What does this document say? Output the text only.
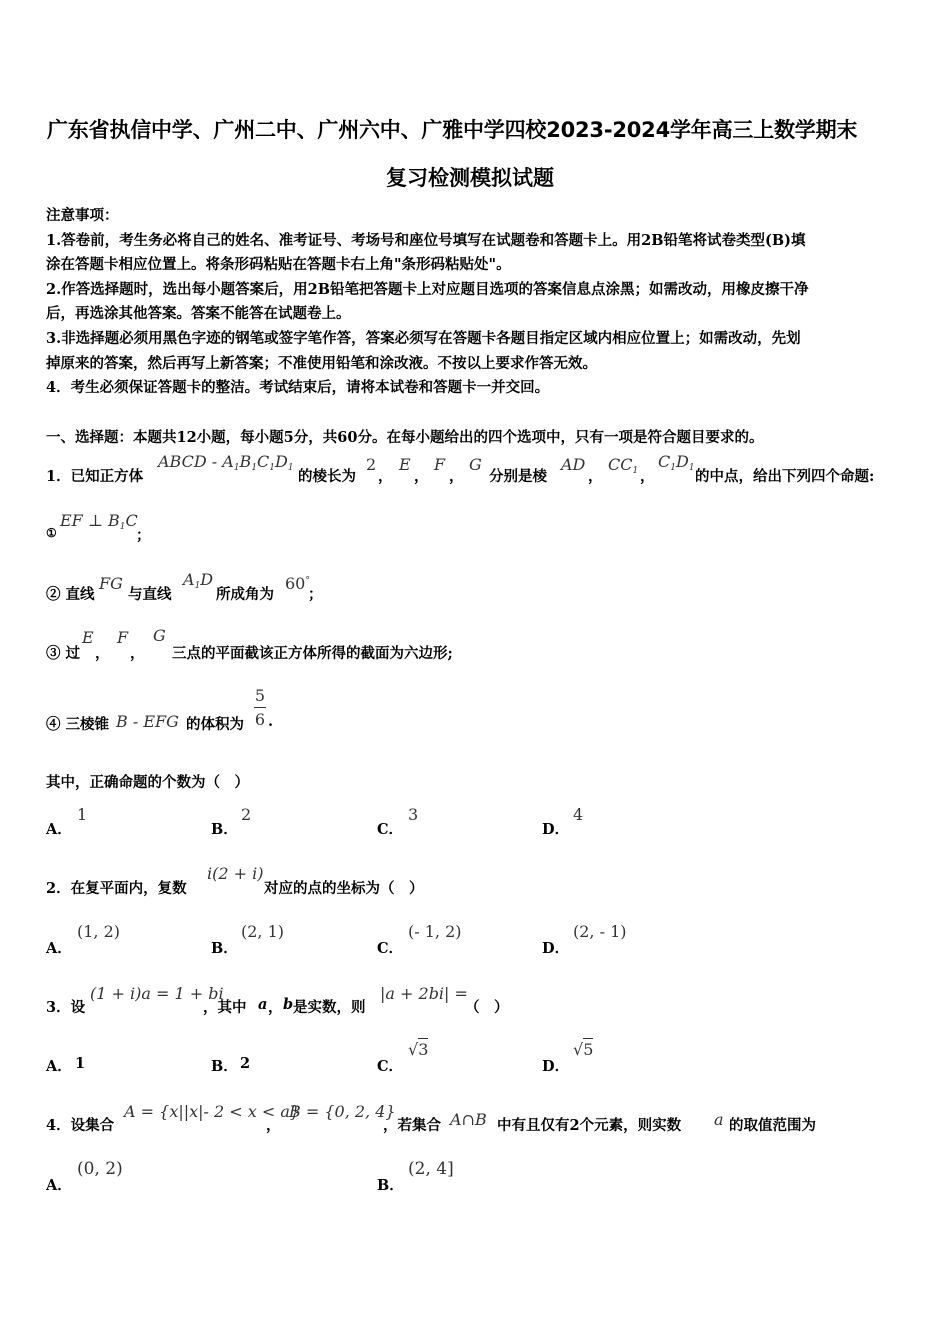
广东省执信中学、广州二中、广州六中、广雅中学四校2023-2024学年高三上数学期末
复习检测模拟试题
注意事项：
1.答卷前，考生务必将自己的姓名、准考证号、考场号和座位号填写在试题卷和答题卡上。用2B铅笔将试卷类型(B)填
涂在答题卡相应位置上。将条形码粘贴在答题卡右上角"条形码粘贴处"。
2.作答选择题时，选出每小题答案后，用2B铅笔把答题卡上对应题目选项的答案信息点涂黑；如需改动，用橡皮擦干净
后，再选涂其他答案。答案不能答在试题卷上。
3.非选择题必须用黑色字迹的钢笔或签字笔作答，答案必须写在答题卡各题目指定区域内相应位置上；如需改动，先划
掉原来的答案，然后再写上新答案；不准使用铅笔和涂改液。不按以上要求作答无效。
4．考生必须保证答题卡的整洁。考试结束后，请将本试卷和答题卡一并交回。
一、选择题：本题共12小题，每小题5分，共60分。在每小题给出的四个选项中，只有一项是符合题目要求的。
1．已知正方体
ABCD - $A_1B_1C_1D_1$ 的棱长为
2
，
E
，
F
，
G
分别是棱
AD
，
$CC_1$ ，
$C_1D_1$ 的中点，给出下列四个命题:
①
EF ⊥ $B_1C$
；
② 直线
FG
与直线
$A_1D$
所成角为
60°
；
③ 过
E
，
F
，
G
三点的平面截该正方体所得的截面为六边形;
④ 三棱锥 B - EFG 的体积为
5
6 .
其中，正确命题的个数为（　）
A．
1
B．
2
C．
3
D．
4
2．在复平面内，复数
i(2 + i)
对应的点的坐标为（　）
A．
(1, 2)
B．
(2, 1)
C．
(- 1, 2)
D．
(2, - 1)
3．设
(1 + i)a = 1 + bi
，其中 a ， b 是实数，则
|a + 2bi| =
（　）
A． 1	B． 2	C．
√3
D．
√5
4．设集合
A = {x||x|- 2 < x < a}
，
B = {0, 2, 4}
，若集合 A∩B 中有且仅有2个元素，则实数 a 的取值范围为
A．
(0, 2)
B．
(2, 4]
